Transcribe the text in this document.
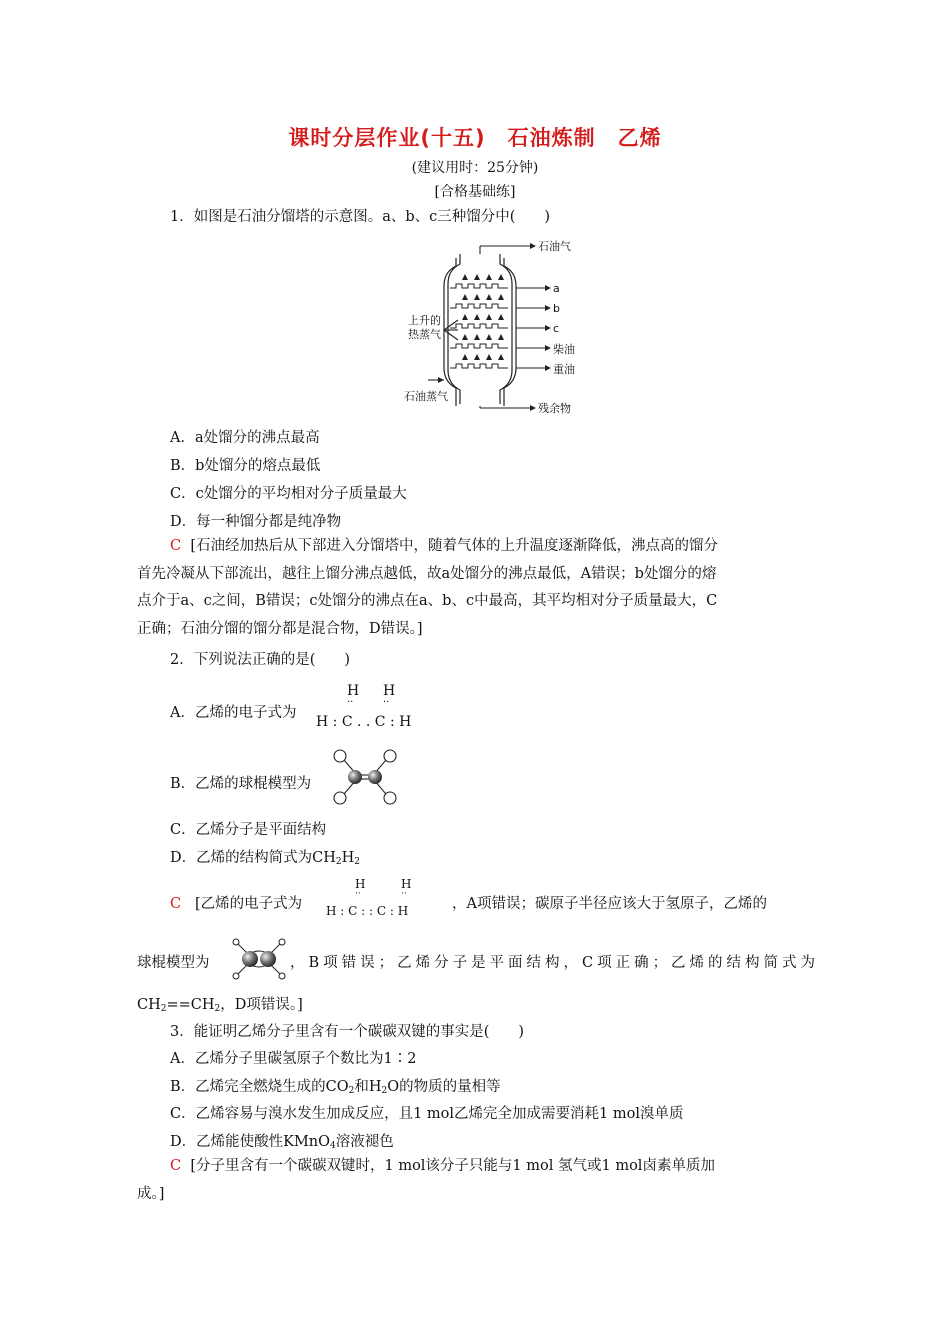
课时分层作业(十五)　石油炼制　乙烯
(建议用时：25分钟)
[合格基础练]
1．如图是石油分馏塔的示意图。a、b、c三种馏分中(　　)
石油气
a
b
c
柴油
重油
残余物
石油蒸气
上升的
热蒸气
A．a处馏分的沸点最高
B．b处馏分的熔点最低
C．c处馏分的平均相对分子质量最大
D．每一种馏分都是纯净物
C [石油经加热后从下部进入分馏塔中，随着气体的上升温度逐渐降低，沸点高的馏分
首先冷凝从下部流出，越往上馏分沸点越低，故a处馏分的沸点最低，A错误；b处馏分的熔
点介于a、c之间，B错误；c处馏分的沸点在a、b、c中最高，其平均相对分子质量最大，C
正确；石油分馏的馏分都是混合物，D错误。]
2．下列说法正确的是(　　)
A．乙烯的电子式为
H H
··	··
H : C . . C : H
B．乙烯的球棍模型为
C．乙烯分子是平面结构
D．乙烯的结构简式为$CH_2H_2$
C [乙烯的电子式为
H	H
··	··
H : C : : C : H	，A项错误；碳原子半径应该大于氢原子，乙烯的
球棍模型为	，B项错误；乙烯分子是平面结构，C项正确；乙烯的结构简式为
$CH_2==CH_2$，D项错误。]
3．能证明乙烯分子里含有一个碳碳双键的事实是(　　)
A．乙烯分子里碳氢原子个数比为1∶2
B．乙烯完全燃烧生成的$CO_2$和$H_2O$的物质的量相等
C．乙烯容易与溴水发生加成反应，且1 mol乙烯完全加成需要消耗1 mol溴单质
D．乙烯能使酸性KMnO$_4$溶液褪色
C [分子里含有一个碳碳双键时，1 mol该分子只能与1 mol 氢气或1 mol卤素单质加
成。]
